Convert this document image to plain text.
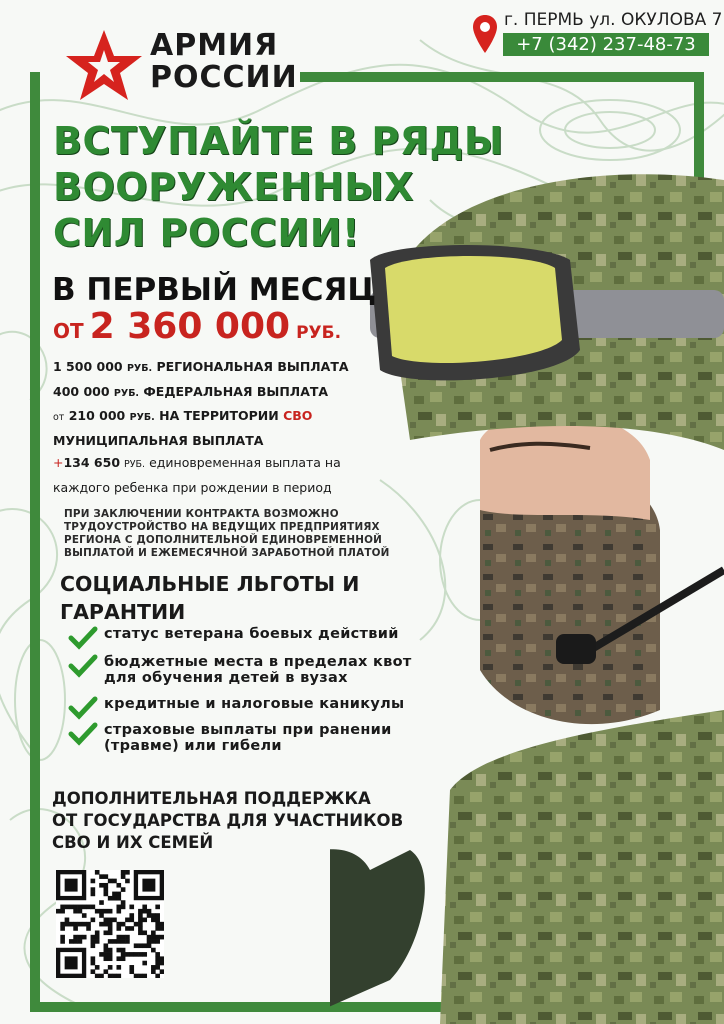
АРМИЯ
РОССИИ
г. ПЕРМЬ ул. ОКУЛОВА 7
+7 (342) 237-48-73
ВСТУПАЙТЕ В РЯДЫ
ВООРУЖЕННЫХ
СИЛ РОССИИ!
В ПЕРВЫЙ МЕСЯЦ
ОТ 2 360 000 РУБ.
1 500 000 РУБ. РЕГИОНАЛЬНАЯ ВЫПЛАТА
400 000 РУБ. ФЕДЕРАЛЬНАЯ ВЫПЛАТА
от 210 000 РУБ. НА ТЕРРИТОРИИ СВО
МУНИЦИПАЛЬНАЯ ВЫПЛАТА
+134 650 РУБ. единовременная выплата на
каждого ребенка при рождении в период
ПРИ ЗАКЛЮЧЕНИИ КОНТРАКТА ВОЗМОЖНО
ТРУДОУСТРОЙСТВО НА ВЕДУЩИХ ПРЕДПРИЯТИЯХ
РЕГИОНА С ДОПОЛНИТЕЛЬНОЙ ЕДИНОВРЕМЕННОЙ
ВЫПЛАТОЙ И ЕЖЕМЕСЯЧНОЙ ЗАРАБОТНОЙ ПЛАТОЙ
СОЦИАЛЬНЫЕ ЛЬГОТЫ И
ГАРАНТИИ
статус ветерана боевых действий
бюджетные места в пределах квот
для обучения детей в вузах
кредитные и налоговые каникулы
страховые выплаты при ранении
(травме) или гибели
ДОПОЛНИТЕЛЬНАЯ ПОДДЕРЖКА
ОТ ГОСУДАРСТВА ДЛЯ УЧАСТНИКОВ
СВО И ИХ СЕМЕЙ
